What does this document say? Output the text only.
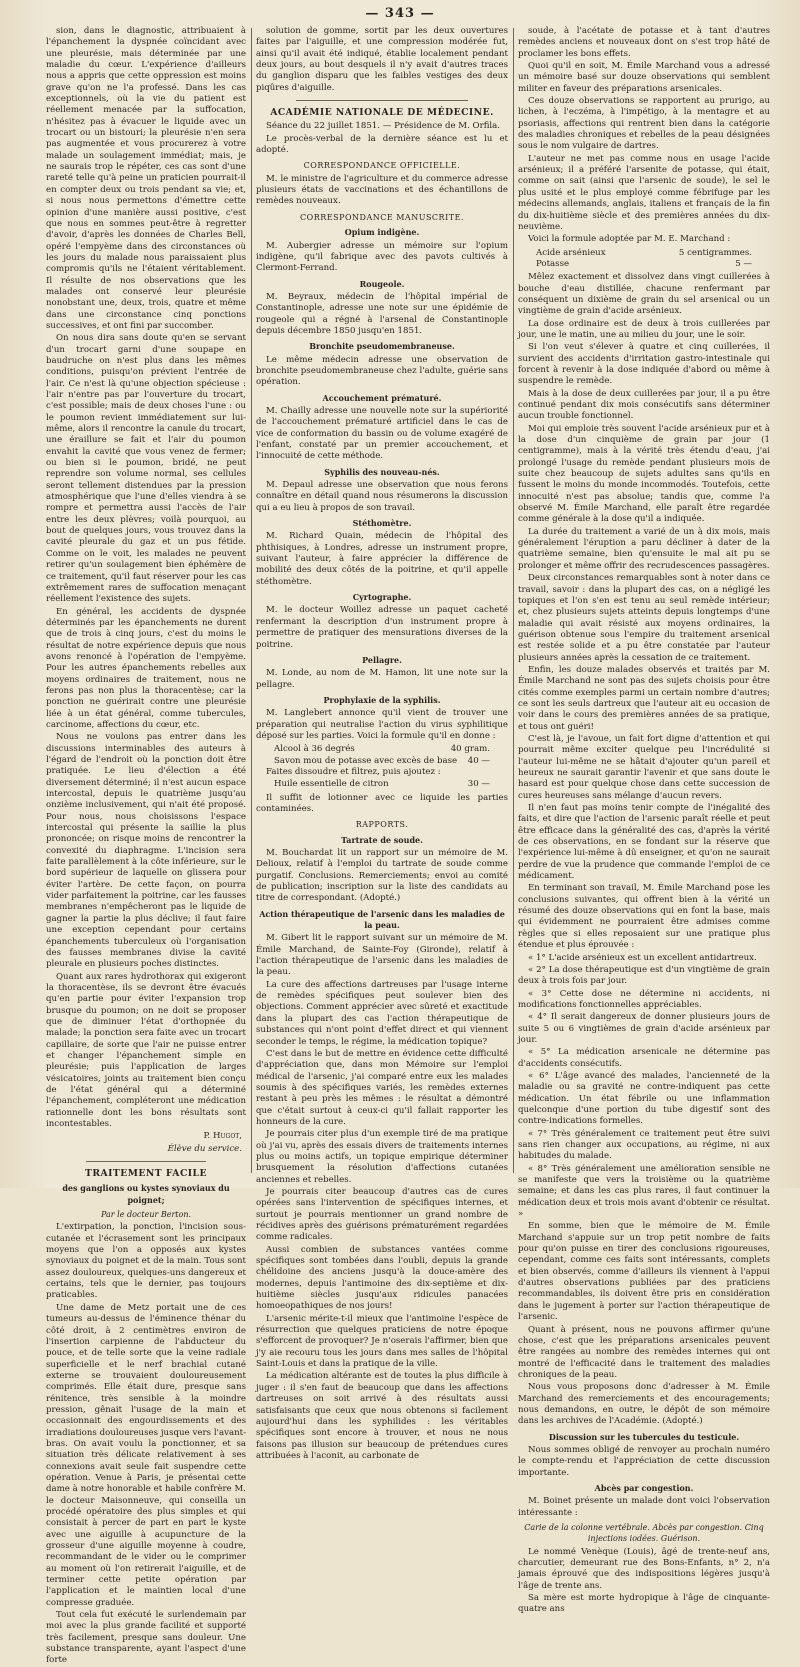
— 343 —

sion, dans le diagnostic, attribuaient à l'épanchement la dyspnée coïncidant avec une pleurésie, mais déterminée par une maladie du cœur. L'expérience d'ailleurs nous a appris que cette oppression est moins grave qu'on ne l'a professé. Dans les cas exceptionnels, où la vie du patient est réellement menacée par la suffocation, n'hésitez pas à évacuer le liquide avec un trocart ou un bistouri; la pleurésie n'en sera pas augmentée et vous procurerez à votre malade un soulagement immédiat; mais, je ne saurais trop le répéter, ces cas sont d'une rareté telle qu'à peine un praticien pourrait-il en compter deux ou trois pendant sa vie; et, si nous nous permettons d'émettre cette opinion d'une manière aussi positive, c'est que nous en sommes peut-être à regretter d'avoir, d'après les données de Charles Bell, opéré l'empyème dans des circonstances où les jours du malade nous paraissaient plus compromis qu'ils ne l'étaient véritablement. Il résulte de nos observations que les malades ont conservé leur pleurésie nonobstant une, deux, trois, quatre et même dans une circonstance cinq ponctions successives, et ont fini par succomber.

On nous dira sans doute qu'en se servant d'un trocart garni d'une soupape en baudruche on n'est plus dans les mêmes conditions, puisqu'on prévient l'entrée de l'air. Ce n'est là qu'une objection spécieuse : l'air n'entre pas par l'ouverture du trocart, c'est possible; mais de deux choses l'une : ou le poumon revient immédiatement sur lui-même, alors il rencontre la canule du trocart, une éraillure se fait et l'air du poumon envahit la cavité que vous venez de fermer; ou bien si le poumon, bridé, ne peut reprendre son volume normal, ses cellules seront tellement distendues par la pression atmosphérique que l'une d'elles viendra à se rompre et permettra aussi l'accès de l'air entre les deux plèvres; voilà pourquoi, au bout de quelques jours, vous trouvez dans la cavité pleurale du gaz et un pus fétide. Comme on le voit, les malades ne peuvent retirer qu'un soulagement bien éphémère de ce traitement, qu'il faut réserver pour les cas extrêmement rares de suffocation menaçant réellement l'existence des sujets.

En général, les accidents de dyspnée déterminés par les épanchements ne durent que de trois à cinq jours, c'est du moins le résultat de notre expérience depuis que nous avons renoncé à l'opération de l'empyème. Pour les autres épanchements rebelles aux moyens ordinaires de traitement, nous ne ferons pas non plus la thoracentèse; car la ponction ne guérirait contre une pleurésie liée à un état général, comme tubercules, carcinome, affections du cœur, etc.

Nous ne voulons pas entrer dans les discussions interminables des auteurs à l'égard de l'endroit où la ponction doit être pratiquée. Le lieu d'élection a été diversement déterminé; il n'est aucun espace intercostal, depuis le quatrième jusqu'au onzième inclusivement, qui n'ait été proposé. Pour nous, nous choisissons l'espace intercostal qui présente la saillie la plus prononcée; on risque moins de rencontrer la convexité du diaphragme. L'incision sera faite parallèlement à la côte inférieure, sur le bord supérieur de laquelle on glissera pour éviter l'artère. De cette façon, on pourra vider parfaitement la poitrine, car les fausses membranes n'empêcheront pas le liquide de gagner la partie la plus déclive; il faut faire une exception cependant pour certains épanchements tuberculeux où l'organisation des fausses membranes divise la cavité pleurale en plusieurs poches distinctes.

Quant aux rares hydrothorax qui exigeront la thoracentèse, ils se devront être évacués qu'en partie pour éviter l'expansion trop brusque du poumon; on ne doit se proposer que de diminuer l'état d'orthopnée du malade; la ponction sera faite avec un trocart capillaire, de sorte que l'air ne puisse entrer et changer l'épanchement simple en pleurésie; puis l'application de larges vésicatoires, joints au traitement bien conçu de l'état général qui a déterminé l'épanchement, compléteront une médication rationnelle dont les bons résultats sont incontestables.

P. Hugot,

Élève du service.

TRAITEMENT FACILE

des ganglions ou kystes synoviaux du poignet;

Par le docteur Berton.

L'extirpation, la ponction, l'incision sous-cutanée et l'écrasement sont les principaux moyens que l'on a opposés aux kystes synoviaux du poignet et de la main. Tous sont assez douloureux, quelques-uns dangereux et certains, tels que le dernier, pas toujours praticables.

Une dame de Metz portait une de ces tumeurs au-dessus de l'éminence thénar du côté droit, à 2 centimètres environ de l'insertion carpienne de l'abducteur du pouce, et de telle sorte que la veine radiale superficielle et le nerf brachial cutané externe se trouvaient douloureusement comprimés. Elle était dure, presque sans rénitence, très sensible à la moindre pression, gênait l'usage de la main et occasionnait des engourdissements et des irradiations douloureuses jusque vers l'avant-bras. On avait voulu la ponctionner, et sa situation très délicate relativement à ses connexions avait seule fait suspendre cette opération. Venue à Paris, je présentai cette dame à notre honorable et habile confrère M. le docteur Maisonneuve, qui conseilla un procédé opératoire des plus simples et qui consistait à percer de part en part le kyste avec une aiguille à acupuncture de la grosseur d'une aiguille moyenne à coudre, recommandant de le vider ou le comprimer au moment où l'on retirerait l'aiguille, et de terminer cette petite opération par l'application et le maintien local d'une compresse graduée.

Tout cela fut exécuté le surlendemain par moi avec la plus grande facilité et supporté très facilement, presque sans douleur. Une substance transparente, ayant l'aspect d'une forte

solution de gomme, sortit par les deux ouvertures faites par l'aiguille, et une compression modérée fut, ainsi qu'il avait été indiqué, établie localement pendant deux jours, au bout desquels il n'y avait d'autres traces du ganglion disparu que les faibles vestiges des deux piqûres d'aiguille.

ACADÉMIE NATIONALE DE MÉDECINE.

Séance du 22 juillet 1851. — Présidence de M. Orfila.

Le procès-verbal de la dernière séance est lu et adopté.

CORRESPONDANCE OFFICIELLE.

M. le ministre de l'agriculture et du commerce adresse plusieurs états de vaccinations et des échantillons de remèdes nouveaux.

CORRESPONDANCE MANUSCRITE.

Opium indigène.

M. Aubergier adresse un mémoire sur l'opium indigène, qu'il fabrique avec des pavots cultivés à Clermont-Ferrand.

Rougeole.

M. Beyraux, médecin de l'hôpital impérial de Constantinople, adresse une note sur une épidémie de rougeole qui a régné à l'arsenal de Constantinople depuis décembre 1850 jusqu'en 1851.

Bronchite pseudomembraneuse.

Le même médecin adresse une observation de bronchite pseudomembraneuse chez l'adulte, guérie sans opération.

Accouchement prématuré.

M. Chailly adresse une nouvelle note sur la supériorité de l'accouchement prématuré artificiel dans le cas de vice de conformation du bassin ou de volume exagéré de l'enfant, constaté par un premier accouchement, et l'innocuité de cette méthode.

Syphilis des nouveau-nés.

M. Depaul adresse une observation que nous ferons connaître en détail quand nous résumerons la discussion qui a eu lieu à propos de son travail.

Stéthomètre.

M. Richard Quain, médecin de l'hôpital des phthisiques, à Londres, adresse un instrument propre, suivant l'auteur, à faire apprécier la différence de mobilité des deux côtés de la poitrine, et qu'il appelle stéthomètre.

Cyrtographe.

M. le docteur Woillez adresse un paquet cacheté renfermant la description d'un instrument propre à permettre de pratiquer des mensurations diverses de la poitrine.

Pellagre.

M. Londe, au nom de M. Hamon, lit une note sur la pellagre.

Prophylaxie de la syphilis.

M. Langlebert annonce qu'il vient de trouver une préparation qui neutralise l'action du virus syphilitique déposé sur les parties. Voici la formule qu'il en donne :

Alcool à 36 degrés	40 gram.
Savon mou de potasse avec excès de base 40 —

Faites dissoudre et filtrez, puis ajoutez :

Huile essentielle de citron	30 —

Il suffit de lotionner avec ce liquide les parties contaminées.

RAPPORTS.

Tartrate de soude.

M. Bouchardat lit un rapport sur un mémoire de M. Delioux, relatif à l'emploi du tartrate de soude comme purgatif. Conclusions. Remerciements; envoi au comité de publication; inscription sur la liste des candidats au titre de correspondant. (Adopté.)

Action thérapeutique de l'arsenic dans les maladies de la peau.

M. Gibert lit le rapport suivant sur un mémoire de M. Émile Marchand, de Sainte-Foy (Gironde), relatif à l'action thérapeutique de l'arsenic dans les maladies de la peau.

La cure des affections dartreuses par l'usage interne de remèdes spécifiques peut soulever bien des objections. Comment apprécier avec sûreté et exactitude dans la plupart des cas l'action thérapeutique de substances qui n'ont point d'effet direct et qui viennent seconder le temps, le régime, la médication topique?

C'est dans le but de mettre en évidence cette difficulté d'appréciation que, dans mon Mémoire sur l'emploi médical de l'arsenic, j'ai comparé entre eux les malades soumis à des spécifiques variés, les remèdes externes restant à peu près les mêmes : le résultat a démontré que c'était surtout à ceux-ci qu'il fallait rapporter les honneurs de la cure.

Je pourrais citer plus d'un exemple tiré de ma pratique où j'ai vu, après des essais divers de traitements internes plus ou moins actifs, un topique empirique déterminer brusquement la résolution d'affections cutanées anciennes et rebelles.

Je pourrais citer beaucoup d'autres cas de cures opérées sans l'intervention de spécifiques internes, et surtout je pourrais mentionner un grand nombre de récidives après des guérisons prématurément regardées comme radicales.

Aussi combien de substances vantées comme spécifiques sont tombées dans l'oubli, depuis la grande chélidoine des anciens jusqu'à la douce-amère des modernes, depuis l'antimoine des dix-septième et dix-huitième siècles jusqu'aux ridicules panacées homoeopathiques de nos jours!

L'arsenic mérite-t-il mieux que l'antimoine l'espèce de résurrection que quelques praticiens de notre époque s'efforcent de provoquer? Je n'oserais l'affirmer, bien que j'y aie recouru tous les jours dans mes salles de l'hôpital Saint-Louis et dans la pratique de la ville.

La médication altérante est de toutes la plus difficile à juger : il s'en faut de beaucoup que dans les affections dartreuses on soit arrivé à des résultats aussi satisfaisants que ceux que nous obtenons si facilement aujourd'hui dans les syphilides : les véritables spécifiques sont encore à trouver, et nous ne nous faisons pas illusion sur beaucoup de prétendues cures attribuées à l'aconit, au carbonate de

soude, à l'acétate de potasse et à tant d'autres remèdes anciens et nouveaux dont on s'est trop hâté de proclamer les bons effets.

Quoi qu'il en soit, M. Émile Marchand vous a adressé un mémoire basé sur douze observations qui semblent militer en faveur des préparations arsenicales.

Ces douze observations se rapportent au prurigo, au lichen, à l'eczéma, à l'impétigo, à la mentagre et au psoriasis, affections qui rentrent bien dans la catégorie des maladies chroniques et rebelles de la peau désignées sous le nom vulgaire de dartres.

L'auteur ne met pas comme nous en usage l'acide arsénieux; il a préféré l'arsenite de potasse, qui était, comme on sait (ainsi que l'arsenic de soude), le sel le plus usité et le plus employé comme fébrifuge par les médecins allemands, anglais, italiens et français de la fin du dix-huitième siècle et des premières années du dix-neuvième.

Voici la formule adoptée par M. E. Marchand :

Acide arsénieux	5 centigrammes.
Potasse	5 —

Mêlez exactement et dissolvez dans vingt cuillerées à bouche d'eau distillée, chacune renfermant par conséquent un dixième de grain du sel arsenical ou un vingtième de grain d'acide arsénieux.

La dose ordinaire est de deux à trois cuillerées par jour, une le matin, une au milieu du jour, une le soir.

Si l'on veut s'élever à quatre et cinq cuillerées, il survient des accidents d'irritation gastro-intestinale qui forcent à revenir à la dose indiquée d'abord ou même à suspendre le remède.

Mais à la dose de deux cuillerées par jour, il a pu être continué pendant dix mois consécutifs sans déterminer aucun trouble fonctionnel.

Moi qui emploie très souvent l'acide arsénieux pur et à la dose d'un cinquième de grain par jour (1 centigramme), mais à la vérité très étendu d'eau, j'ai prolongé l'usage du remède pendant plusieurs mois de suite chez beaucoup de sujets adultes sans qu'ils en fussent le moins du monde incommodés. Toutefois, cette innocuité n'est pas absolue; tandis que, comme l'a observé M. Émile Marchand, elle paraît être regardée comme générale à la dose qu'il a indiquée.

La durée du traitement a varié de un à dix mois, mais généralement l'éruption a paru décliner à dater de la quatrième semaine, bien qu'ensuite le mal ait pu se prolonger et même offrir des recrudescences passagères.

Deux circonstances remarquables sont à noter dans ce travail, savoir : dans la plupart des cas, on a négligé les topiques et l'on s'en est tenu au seul remède intérieur; et, chez plusieurs sujets atteints depuis longtemps d'une maladie qui avait résisté aux moyens ordinaires, la guérison obtenue sous l'empire du traitement arsenical est restée solide et a pu être constatée par l'auteur plusieurs années après la cessation de ce traitement.

Enfin, les douze malades observés et traités par M. Émile Marchand ne sont pas des sujets choisis pour être cités comme exemples parmi un certain nombre d'autres; ce sont les seuls dartreux que l'auteur ait eu occasion de voir dans le cours des premières années de sa pratique, et tous ont guéri!

C'est là, je l'avoue, un fait fort digne d'attention et qui pourrait même exciter quelque peu l'incrédulité si l'auteur lui-même ne se hâtait d'ajouter qu'un pareil et heureux ne saurait garantir l'avenir et que sans doute le hasard est pour quelque chose dans cette succession de cures heureuses sans mélange d'aucun revers.

Il n'en faut pas moins tenir compte de l'inégalité des faits, et dire que l'action de l'arsenic paraît réelle et peut être efficace dans la généralité des cas, d'après la vérité de ces observations, en se fondant sur la réserve que l'expérience lui-même à dû enseigner, et qu'on ne saurait perdre de vue la prudence que commande l'emploi de ce médicament.

En terminant son travail, M. Émile Marchand pose les conclusions suivantes, qui offrent bien à la vérité un résumé des douze observations qui en font la base, mais qui évidemment ne pourraient être admises comme règles que si elles reposaient sur une pratique plus étendue et plus éprouvée :

« 1° L'acide arsénieux est un excellent antidartreux.

« 2° La dose thérapeutique est d'un vingtième de grain deux à trois fois par jour.

« 3° Cette dose ne détermine ni accidents, ni modifications fonctionnelles appréciables.

« 4° Il serait dangereux de donner plusieurs jours de suite 5 ou 6 vingtièmes de grain d'acide arsénieux par jour.

« 5° La médication arsenicale ne détermine pas d'accidents consécutifs.

« 6° L'âge avancé des malades, l'ancienneté de la maladie ou sa gravité ne contre-indiquent pas cette médication. Un état fébrile ou une inflammation quelconque d'une portion du tube digestif sont des contre-indications formelles.

« 7° Très généralement ce traitement peut être suivi sans rien changer aux occupations, au régime, ni aux habitudes du malade.

« 8° Très généralement une amélioration sensible ne se manifeste que vers la troisième ou la quatrième semaine; et dans les cas plus rares, il faut continuer la médication deux et trois mois avant d'obtenir ce résultat. »

En somme, bien que le mémoire de M. Émile Marchand s'appuie sur un trop petit nombre de faits pour qu'on puisse en tirer des conclusions rigoureuses, cependant, comme ces faits sont intéressants, complets et bien observés, comme d'ailleurs ils viennent à l'appui d'autres observations publiées par des praticiens recommandables, ils doivent être pris en considération dans le jugement à porter sur l'action thérapeutique de l'arsenic.

Quant à présent, nous ne pouvons affirmer qu'une chose, c'est que les préparations arsenicales peuvent être rangées au nombre des remèdes internes qui ont montré de l'efficacité dans le traitement des maladies chroniques de la peau.

Nous vous proposons donc d'adresser à M. Émile Marchand des remerciements et des encouragements; nous demandons, en outre, le dépôt de son mémoire dans les archives de l'Académie. (Adopté.)

Discussion sur les tubercules du testicule.

Nous sommes obligé de renvoyer au prochain numéro le compte-rendu et l'appréciation de cette discussion importante.

Abcès par congestion.

M. Boinet présente un malade dont voici l'observation intéressante :

Carie de la colonne vertébrale. Abcès par congestion. Cinq injections iodées. Guérison.

Le nommé Venèque (Louis), âgé de trente-neuf ans, charcutier, demeurant rue des Bons-Enfants, n° 2, n'a jamais éprouvé que des indispositions légères jusqu'à l'âge de trente ans.

Sa mère est morte hydropique à l'âge de cinquante-quatre ans
